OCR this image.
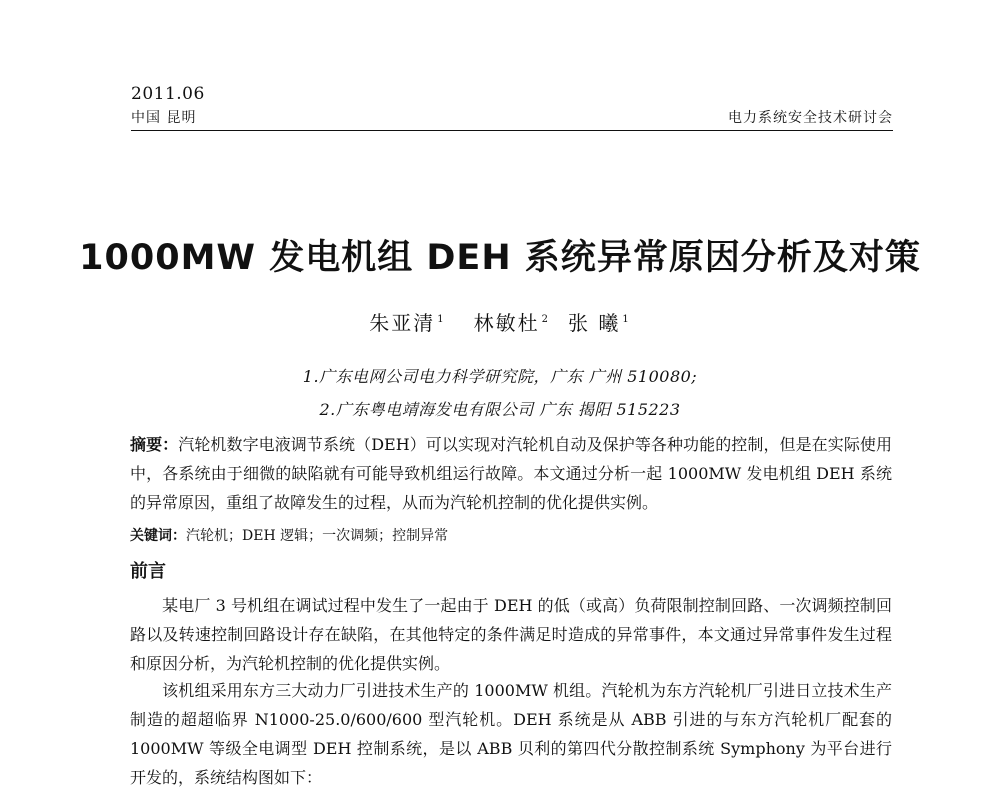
2011.06
中国 昆明	电力系统安全技术研讨会
1000MW 发电机组 DEH 系统异常原因分析及对策
朱亚清 $^1$ 林敏杜 $^2$ 张 曦 $^1$
1.广东电网公司电力科学研究院，广东 广州 510080;
2.广东粤电靖海发电有限公司 广东 揭阳 515223
摘要：汽轮机数字电液调节系统（DEH）可以实现对汽轮机自动及保护等各种功能的控制，但是在实际使用中，各系统由于细微的缺陷就有可能导致机组运行故障。本文通过分析一起 1000MW 发电机组 DEH 系统的异常原因，重组了故障发生的过程，从而为汽轮机控制的优化提供实例。
关键词：汽轮机；DEH 逻辑；一次调频；控制异常
前言
某电厂 3 号机组在调试过程中发生了一起由于 DEH 的低（或高）负荷限制控制回路、一次调频控制回路以及转速控制回路设计存在缺陷，在其他特定的条件满足时造成的异常事件，本文通过异常事件发生过程和原因分析，为汽轮机控制的优化提供实例。
该机组采用东方三大动力厂引进技术生产的 1000MW 机组。汽轮机为东方汽轮机厂引进日立技术生产制造的超超临界 N1000-25.0/600/600 型汽轮机。DEH 系统是从 ABB 引进的与东方汽轮机厂配套的 1000MW 等级全电调型 DEH 控制系统，是以 ABB 贝利的第四代分散控制系统 Symphony 为平台进行开发的，系统结构图如下：
